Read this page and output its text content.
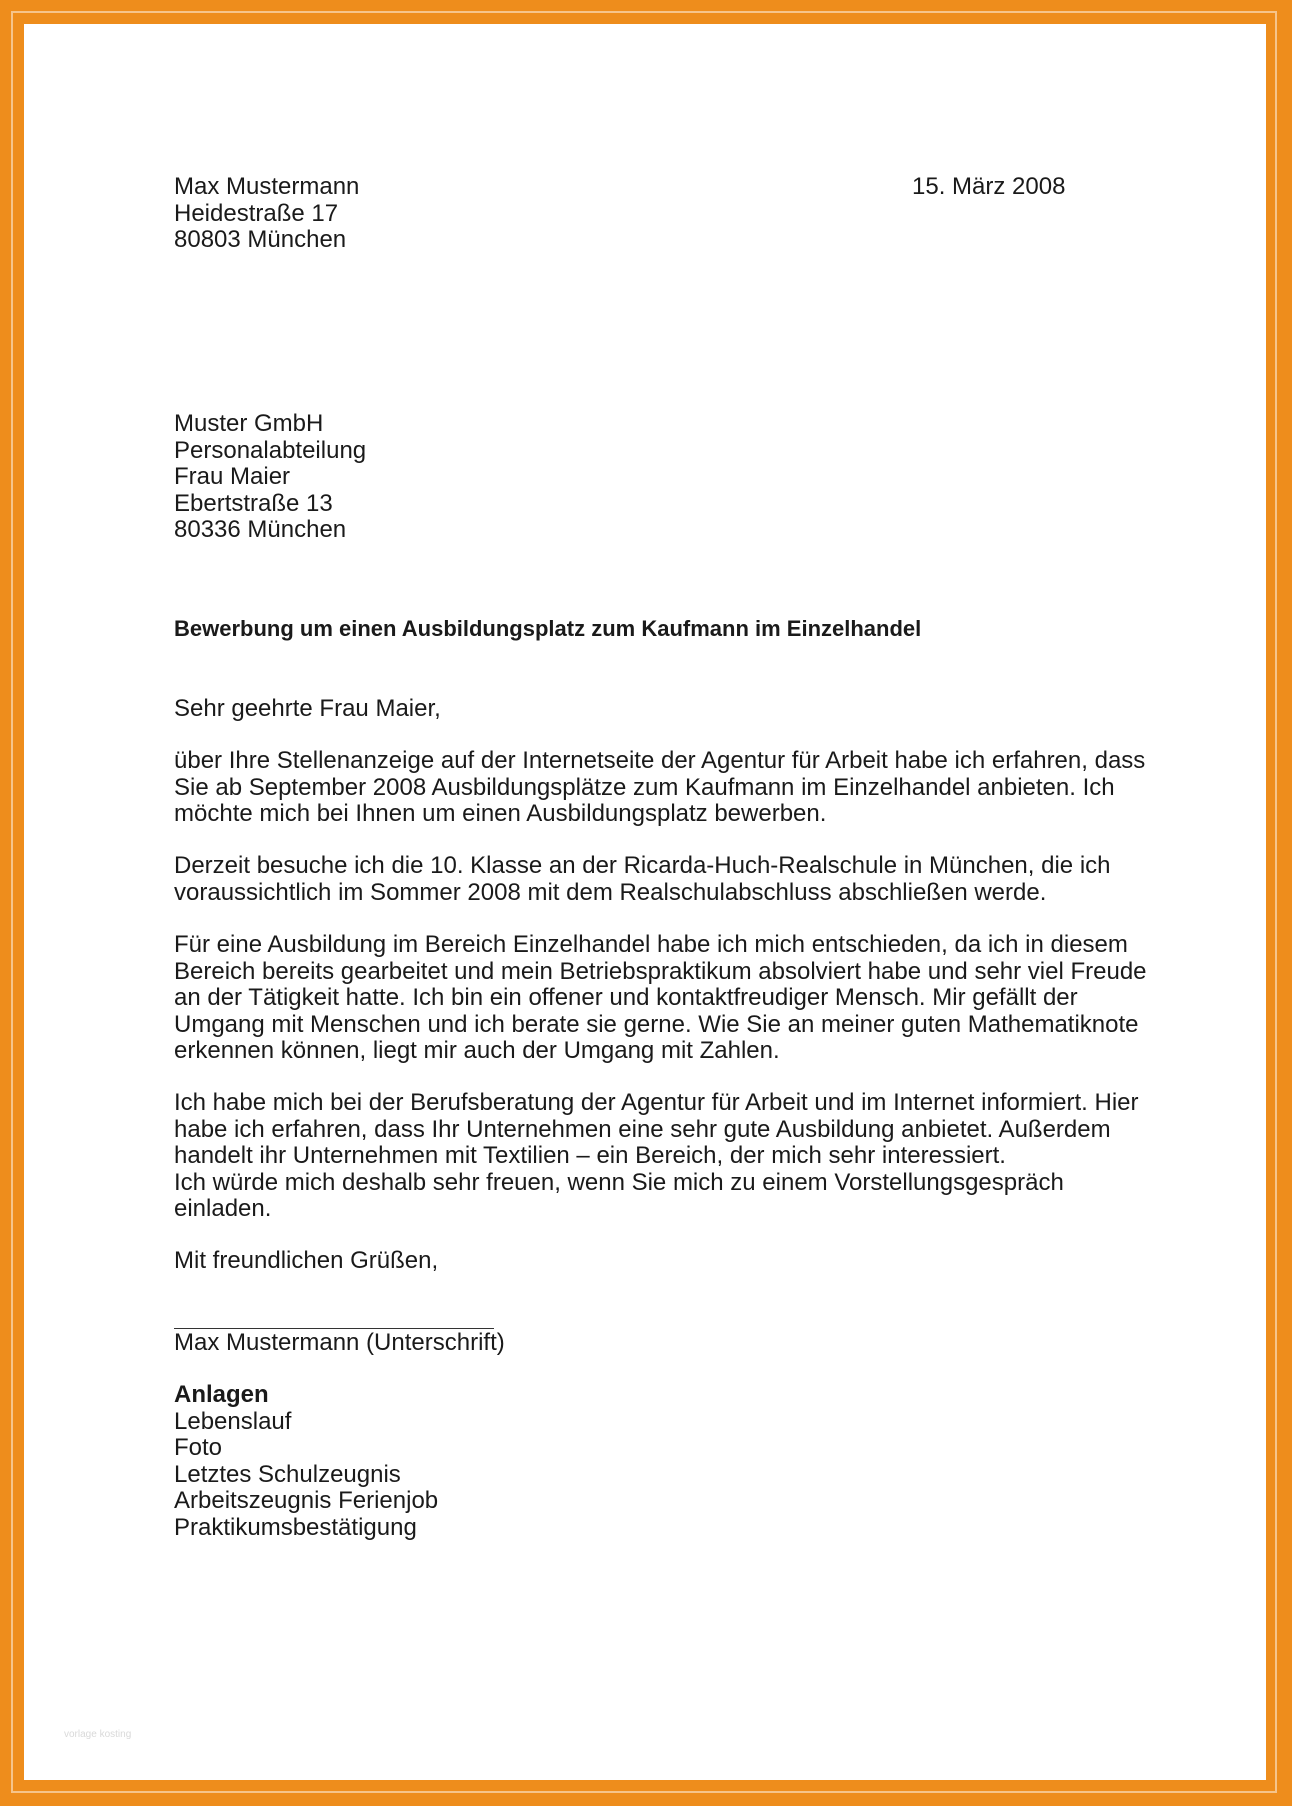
Max Mustermann
Heidestraße 17
80803 München
Muster GmbH
Personalabteilung
Frau Maier
Ebertstraße 13
80336 München
Bewerbung um einen Ausbildungsplatz zum Kaufmann im Einzelhandel
Sehr geehrte Frau Maier,
über Ihre Stellenanzeige auf der Internetseite der Agentur für Arbeit habe ich erfahren, dass
Sie ab September 2008 Ausbildungsplätze zum Kaufmann im Einzelhandel anbieten. Ich
möchte mich bei Ihnen um einen Ausbildungsplatz bewerben.
Derzeit besuche ich die 10. Klasse an der Ricarda-Huch-Realschule in München, die ich
voraussichtlich im Sommer 2008 mit dem Realschulabschluss abschließen werde.
Für eine Ausbildung im Bereich Einzelhandel habe ich mich entschieden, da ich in diesem
Bereich bereits gearbeitet und mein Betriebspraktikum absolviert habe und sehr viel Freude
an der Tätigkeit hatte. Ich bin ein offener und kontaktfreudiger Mensch. Mir gefällt der
Umgang mit Menschen und ich berate sie gerne. Wie Sie an meiner guten Mathematiknote
erkennen können, liegt mir auch der Umgang mit Zahlen.
Ich habe mich bei der Berufsberatung der Agentur für Arbeit und im Internet informiert. Hier
habe ich erfahren, dass Ihr Unternehmen eine sehr gute Ausbildung anbietet. Außerdem
handelt ihr Unternehmen mit Textilien – ein Bereich, der mich sehr interessiert.
Ich würde mich deshalb sehr freuen, wenn Sie mich zu einem Vorstellungsgespräch
einladen.
Mit freundlichen Grüßen,
Max Mustermann (Unterschrift)
Anlagen
Lebenslauf
Foto
Letztes Schulzeugnis
Arbeitszeugnis Ferienjob
Praktikumsbestätigung
15. März 2008
vorlage kosting
